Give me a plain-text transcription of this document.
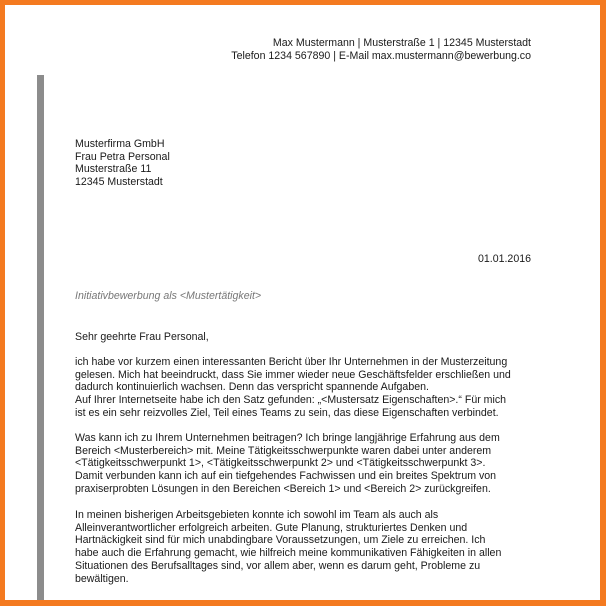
Max Mustermann | Musterstraße 1 | 12345 Musterstadt
Telefon 1234 567890 | E-Mail max.mustermann@bewerbung.co
Musterfirma GmbH
Frau Petra Personal
Musterstraße 11
12345 Musterstadt
01.01.2016
Initiativbewerbung als <Mustertätigkeit>
Sehr geehrte Frau Personal,
ich habe vor kurzem einen interessanten Bericht über Ihr Unternehmen in der Musterzeitung
gelesen. Mich hat beeindruckt, dass Sie immer wieder neue Geschäftsfelder erschließen und
dadurch kontinuierlich wachsen. Denn das verspricht spannende Aufgaben.
Auf Ihrer Internetseite habe ich den Satz gefunden: „<Mustersatz Eigenschaften>.“ Für mich
ist es ein sehr reizvolles Ziel, Teil eines Teams zu sein, das diese Eigenschaften verbindet.
Was kann ich zu Ihrem Unternehmen beitragen? Ich bringe langjährige Erfahrung aus dem
Bereich <Musterbereich> mit. Meine Tätigkeitsschwerpunkte waren dabei unter anderem
<Tätigkeitsschwerpunkt 1>, <Tätigkeitsschwerpunkt 2> und <Tätigkeitsschwerpunkt 3>.
Damit verbunden kann ich auf ein tiefgehendes Fachwissen und ein breites Spektrum von
praxiserprobten Lösungen in den Bereichen <Bereich 1> und <Bereich 2> zurückgreifen.
In meinen bisherigen Arbeitsgebieten konnte ich sowohl im Team als auch als
Alleinverantwortlicher erfolgreich arbeiten. Gute Planung, strukturiertes Denken und
Hartnäckigkeit sind für mich unabdingbare Voraussetzungen, um Ziele zu erreichen. Ich
habe auch die Erfahrung gemacht, wie hilfreich meine kommunikativen Fähigkeiten in allen
Situationen des Berufsalltages sind, vor allem aber, wenn es darum geht, Probleme zu
bewältigen.
